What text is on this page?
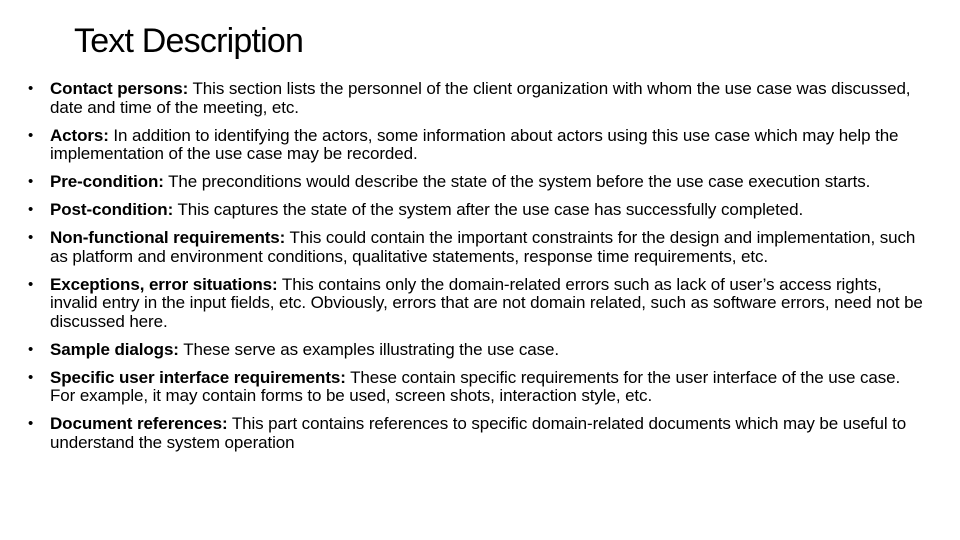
Text Description
• Contact persons: This section lists the personnel of the client organization with whom the use case was discussed, date and time of the meeting, etc.
• Actors: In addition to identifying the actors, some information about actors using this use case which may help the implementation of the use case may be recorded.
• Pre-condition: The preconditions would describe the state of the system before the use case execution starts.
• Post-condition: This captures the state of the system after the use case has successfully completed.
• Non-functional requirements: This could contain the important constraints for the design and implementation, such as platform and environment conditions, qualitative statements, response time requirements, etc.
• Exceptions, error situations: This contains only the domain-related errors such as lack of user’s access rights, invalid entry in the input fields, etc. Obviously, errors that are not domain related, such as software errors, need not be discussed here.
• Sample dialogs: These serve as examples illustrating the use case.
• Specific user interface requirements: These contain specific requirements for the user interface of the use case. For example, it may contain forms to be used, screen shots, interaction style, etc.
• Document references: This part contains references to specific domain-related documents which may be useful to understand the system operation
